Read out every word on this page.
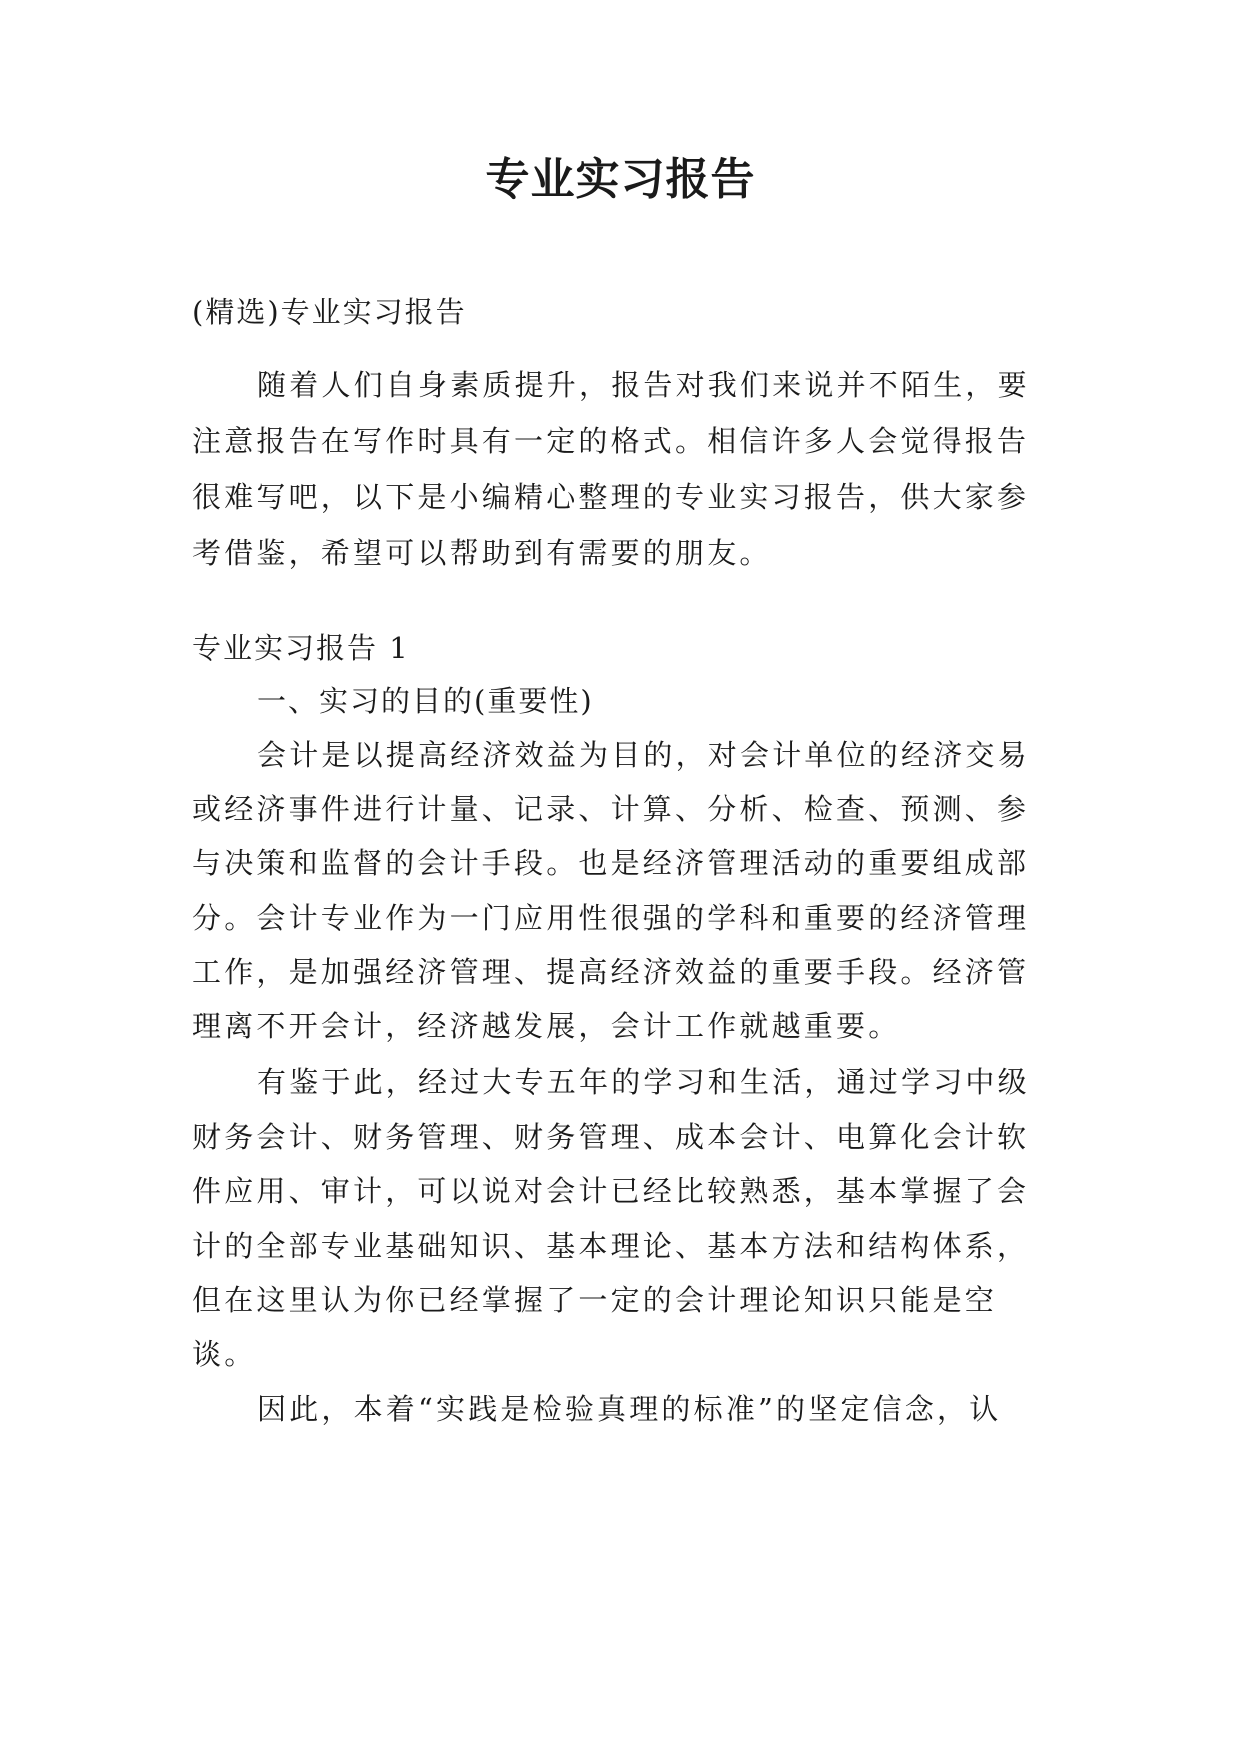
专业实习报告

(精选)专业实习报告

随着人们自身素质提升，报告对我们来说并不陌生，要

注意报告在写作时具有一定的格式。相信许多人会觉得报告

很难写吧，以下是小编精心整理的专业实习报告，供大家参

考借鉴，希望可以帮助到有需要的朋友。

专业实习报告 1

一、实习的目的(重要性)

会计是以提高经济效益为目的，对会计单位的经济交易

或经济事件进行计量、记录、计算、分析、检查、预测、参

与决策和监督的会计手段。也是经济管理活动的重要组成部

分。会计专业作为一门应用性很强的学科和重要的经济管理

工作，是加强经济管理、提高经济效益的重要手段。经济管

理离不开会计，经济越发展，会计工作就越重要。

有鉴于此，经过大专五年的学习和生活，通过学习中级

财务会计、财务管理、财务管理、成本会计、电算化会计软

件应用、审计，可以说对会计已经比较熟悉，基本掌握了会

计的全部专业基础知识、基本理论、基本方法和结构体系，

但在这里认为你已经掌握了一定的会计理论知识只能是空

谈。

因此，本着“实践是检验真理的标准”的坚定信念，认
